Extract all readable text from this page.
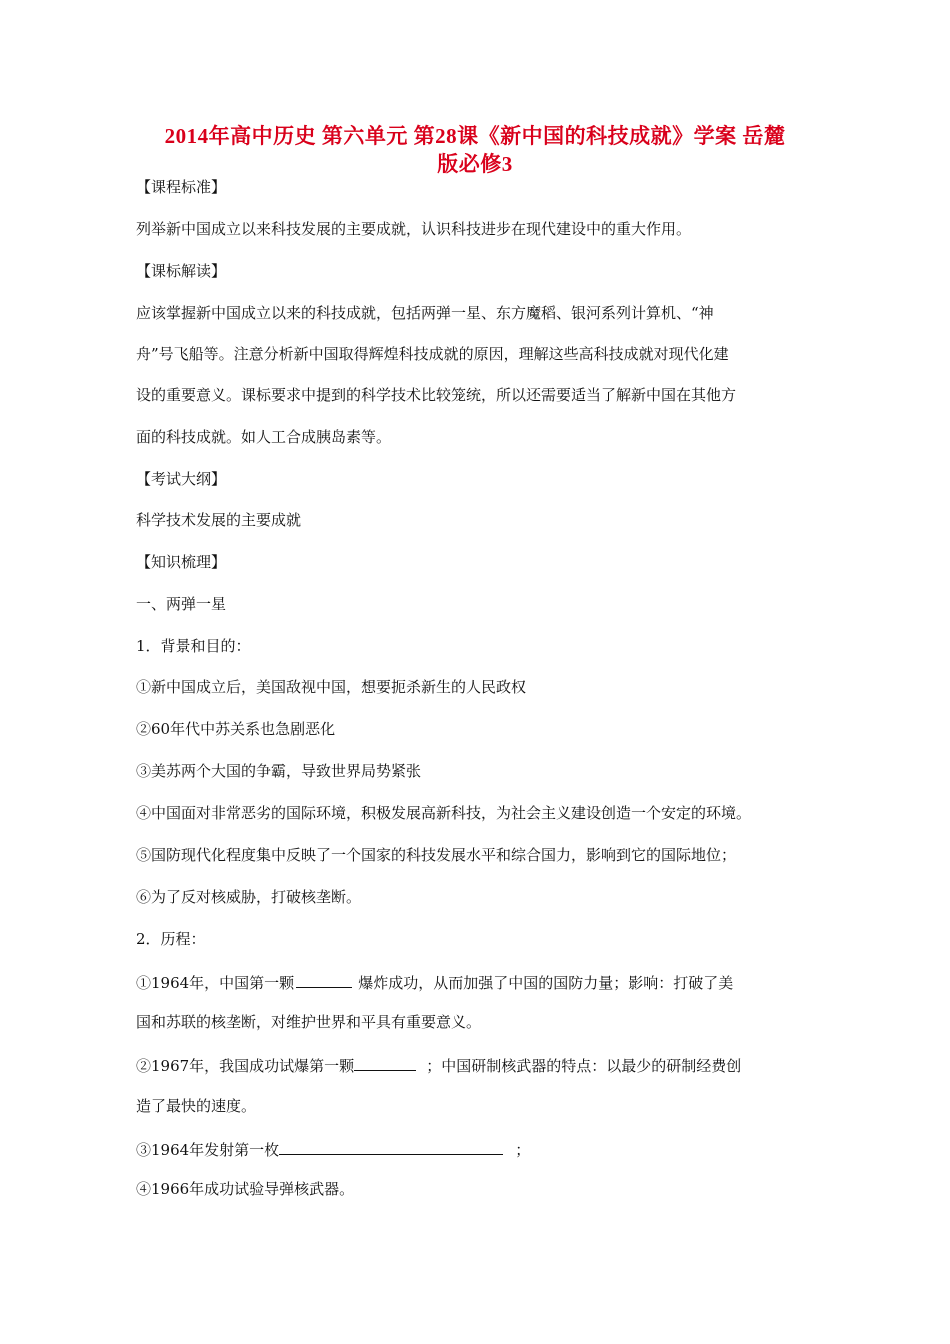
2014年高中历史 第六单元 第28课《新中国的科技成就》学案 岳麓
版必修3
【课程标准】
列举新中国成立以来科技发展的主要成就，认识科技进步在现代建设中的重大作用。
【课标解读】
应该掌握新中国成立以来的科技成就，包括两弹一星、东方魔稻、银河系列计算机、“神
舟”号飞船等。注意分析新中国取得辉煌科技成就的原因，理解这些高科技成就对现代化建
设的重要意义。课标要求中提到的科学技术比较笼统，所以还需要适当了解新中国在其他方
面的科技成就。如人工合成胰岛素等。
【考试大纲】
科学技术发展的主要成就
【知识梳理】
一、两弹一星
1．背景和目的：
①新中国成立后，美国敌视中国，想要扼杀新生的人民政权
②60年代中苏关系也急剧恶化
③美苏两个大国的争霸，导致世界局势紧张
④中国面对非常恶劣的国际环境，积极发展高新科技，为社会主义建设创造一个安定的环境。
⑤国防现代化程度集中反映了一个国家的科技发展水平和综合国力，影响到它的国际地位；
⑥为了反对核威胁，打破核垄断。
2．历程：
①1964年，中国第一颗	爆炸成功，从而加强了中国的国防力量；影响：打破了美
国和苏联的核垄断，对维护世界和平具有重要意义。
②1967年，我国成功试爆第一颗	；中国研制核武器的特点：以最少的研制经费创
造了最快的速度。
③1964年发射第一枚	；
④1966年成功试验导弹核武器。
